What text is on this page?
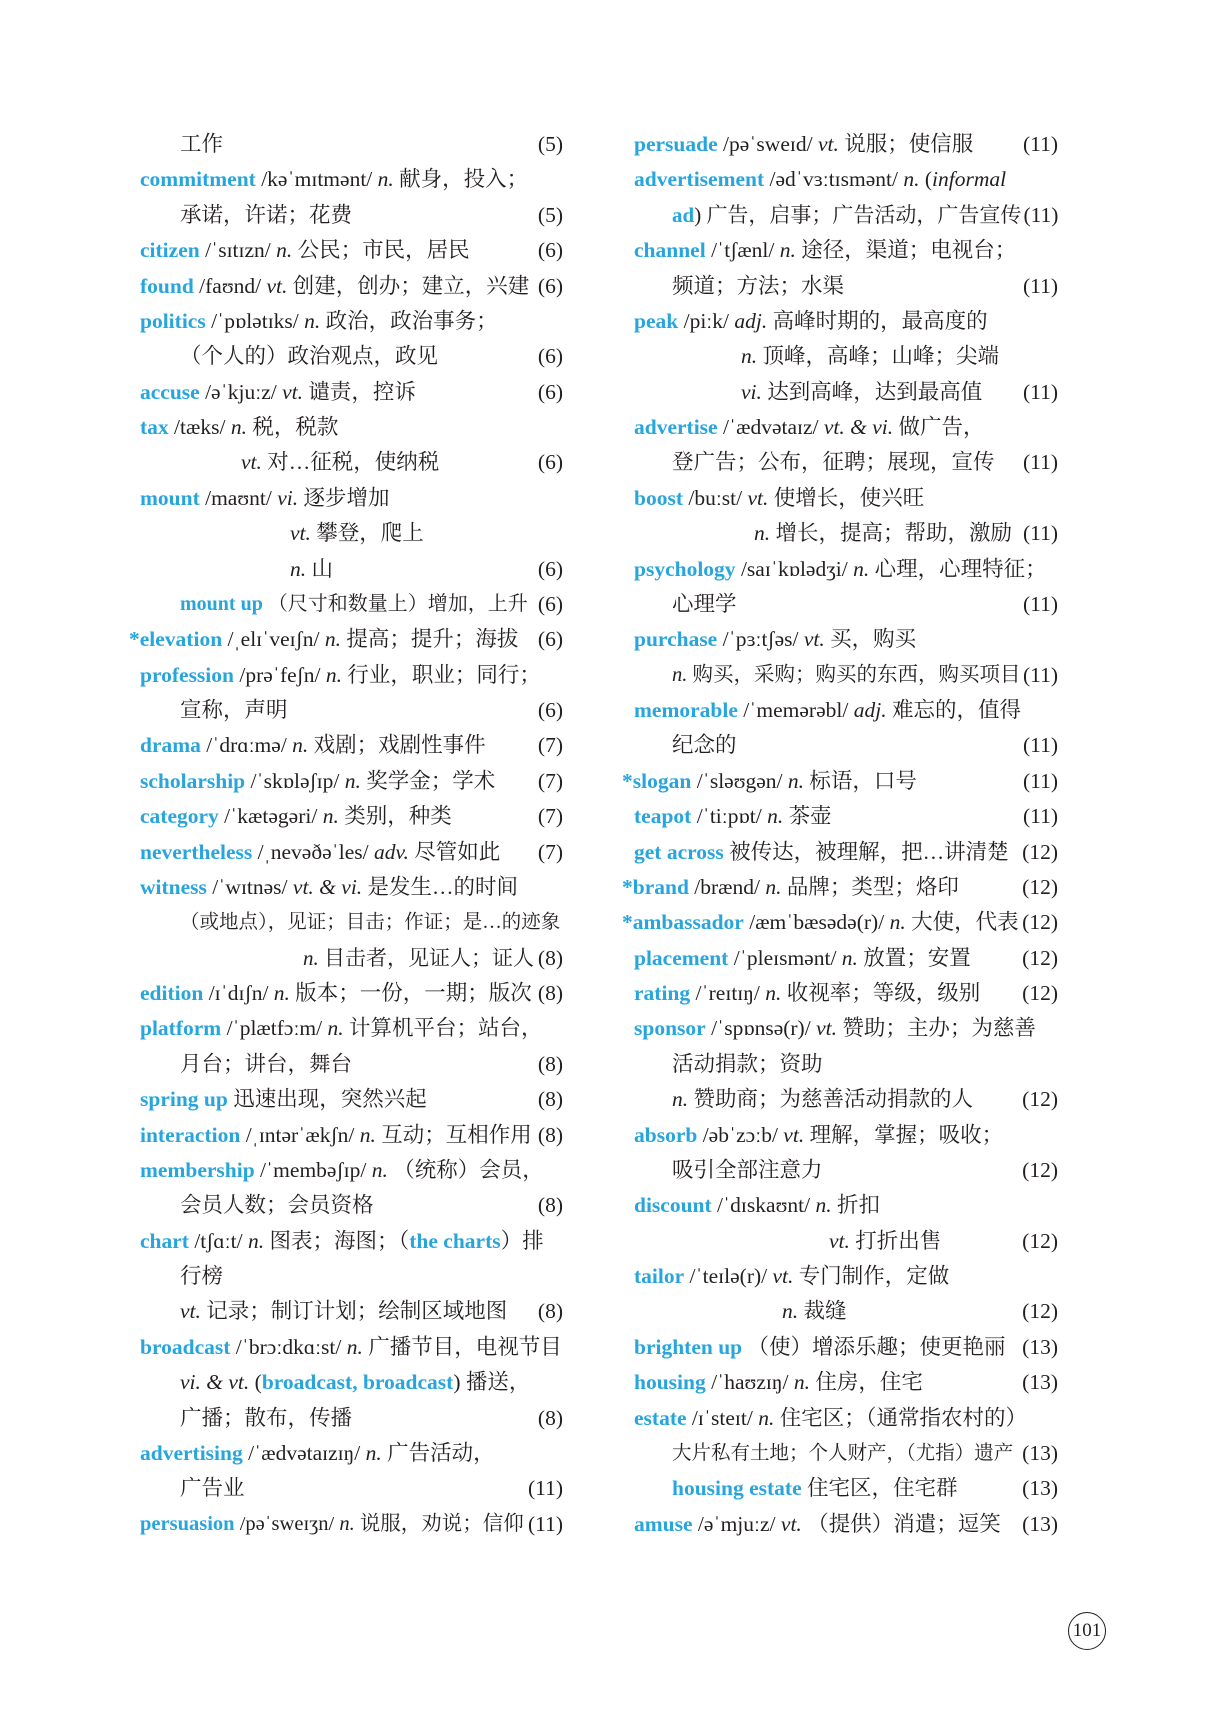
工作	(5)
commitment /kəˈmɪtmənt/ n. 献身，投入；
承诺，许诺；花费	(5)
citizen /ˈsɪtɪzn/ n. 公民；市民，居民	(6)
found /faʊnd/ vt. 创建，创办；建立，兴建 (6)
politics /ˈpɒlətɪks/ n. 政治，政治事务；
（个人的）政治观点，政见	(6)
accuse /əˈkjuːz/ vt. 谴责，控诉	(6)
tax /tæks/ n. 税，税款
vt. 对…征税，使纳税	(6)
mount /maʊnt/ vi. 逐步增加
vt. 攀登，爬上
n. 山	(6)
mount up （尺寸和数量上）增加，上升 (6)
*elevation /ˌelɪˈveɪʃn/ n. 提高；提升；海拔 (6)
profession /prəˈfeʃn/ n. 行业，职业；同行；
宣称，声明	(6)
drama /ˈdrɑːmə/ n. 戏剧；戏剧性事件 (7)
scholarship /ˈskɒləʃɪp/ n. 奖学金；学术 (7)
category /ˈkætəgəri/ n. 类别，种类	(7)
nevertheless /ˌnevəðəˈles/ adv. 尽管如此 (7)
witness /ˈwɪtnəs/ vt. & vi. 是发生…的时间
（或地点），见证；目击；作证；是…的迹象
n. 目击者，见证人；证人 (8)
edition /ɪˈdɪʃn/ n. 版本；一份，一期；版次 (8)
platform /ˈplætfɔːm/ n. 计算机平台；站台，
月台；讲台，舞台	(8)
spring up 迅速出现，突然兴起	(8)
interaction /ˌɪntərˈækʃn/ n. 互动；互相作用 (8)
membership /ˈmembəʃɪp/ n. （统称）会员，
会员人数；会员资格	(8)
chart /tʃɑːt/ n. 图表；海图；（the charts）排
行榜
vt. 记录；制订计划；绘制区域地图 (8)
broadcast /ˈbrɔːdkɑːst/ n. 广播节目，电视节目
vi. & vt. (broadcast, broadcast) 播送，
广播；散布，传播	(8)
advertising /ˈædvətaɪzɪŋ/ n. 广告活动，
广告业	(11)
persuasion /pəˈsweɪʒn/ n. 说服，劝说；信仰 (11)
persuade /pəˈsweɪd/ vt. 说服；使信服 (11)
advertisement /ədˈvɜːtɪsmənt/ n. (informal
ad) 广告，启事；广告活动，广告宣传 (11)
channel /ˈtʃænl/ n. 途径，渠道；电视台；
频道；方法；水渠	(11)
peak /piːk/ adj. 高峰时期的，最高度的
n. 顶峰，高峰；山峰；尖端
vi. 达到高峰，达到最高值 (11)
advertise /ˈædvətaɪz/ vt. & vi. 做广告，
登广告；公布，征聘；展现，宣传 (11)
boost /buːst/ vt. 使增长，使兴旺
n. 增长，提高；帮助，激励 (11)
psychology /saɪˈkɒlədʒi/ n. 心理，心理特征；
心理学	(11)
purchase /ˈpɜːtʃəs/ vt. 买，购买
n. 购买，采购；购买的东西，购买项目 (11)
memorable /ˈmemərəbl/ adj. 难忘的，值得
纪念的	(11)
*slogan /ˈsləʊgən/ n. 标语，口号	(11)
teapot /ˈtiːpɒt/ n. 茶壶	(11)
get across 被传达，被理解，把…讲清楚 (12)
*brand /brænd/ n. 品牌；类型；烙印	(12)
*ambassador /æmˈbæsədə(r)/ n. 大使，代表 (12)
placement /ˈpleɪsmənt/ n. 放置；安置 (12)
rating /ˈreɪtɪŋ/ n. 收视率；等级，级别 (12)
sponsor /ˈspɒnsə(r)/ vt. 赞助；主办；为慈善
活动捐款；资助
n. 赞助商；为慈善活动捐款的人 (12)
absorb /əbˈzɔːb/ vt. 理解，掌握；吸收；
吸引全部注意力	(12)
discount /ˈdɪskaʊnt/ n. 折扣
vt. 打折出售	(12)
tailor /ˈteɪlə(r)/ vt. 专门制作，定做
n. 裁缝	(12)
brighten up （使）增添乐趣；使更艳丽 (13)
housing /ˈhaʊzɪŋ/ n. 住房，住宅	(13)
estate /ɪˈsteɪt/ n. 住宅区；（通常指农村的）
大片私有土地；个人财产，（尤指）遗产 (13)
housing estate 住宅区，住宅群	(13)
amuse /əˈmjuːz/ vt. （提供）消遣；逗笑 (13)
101
